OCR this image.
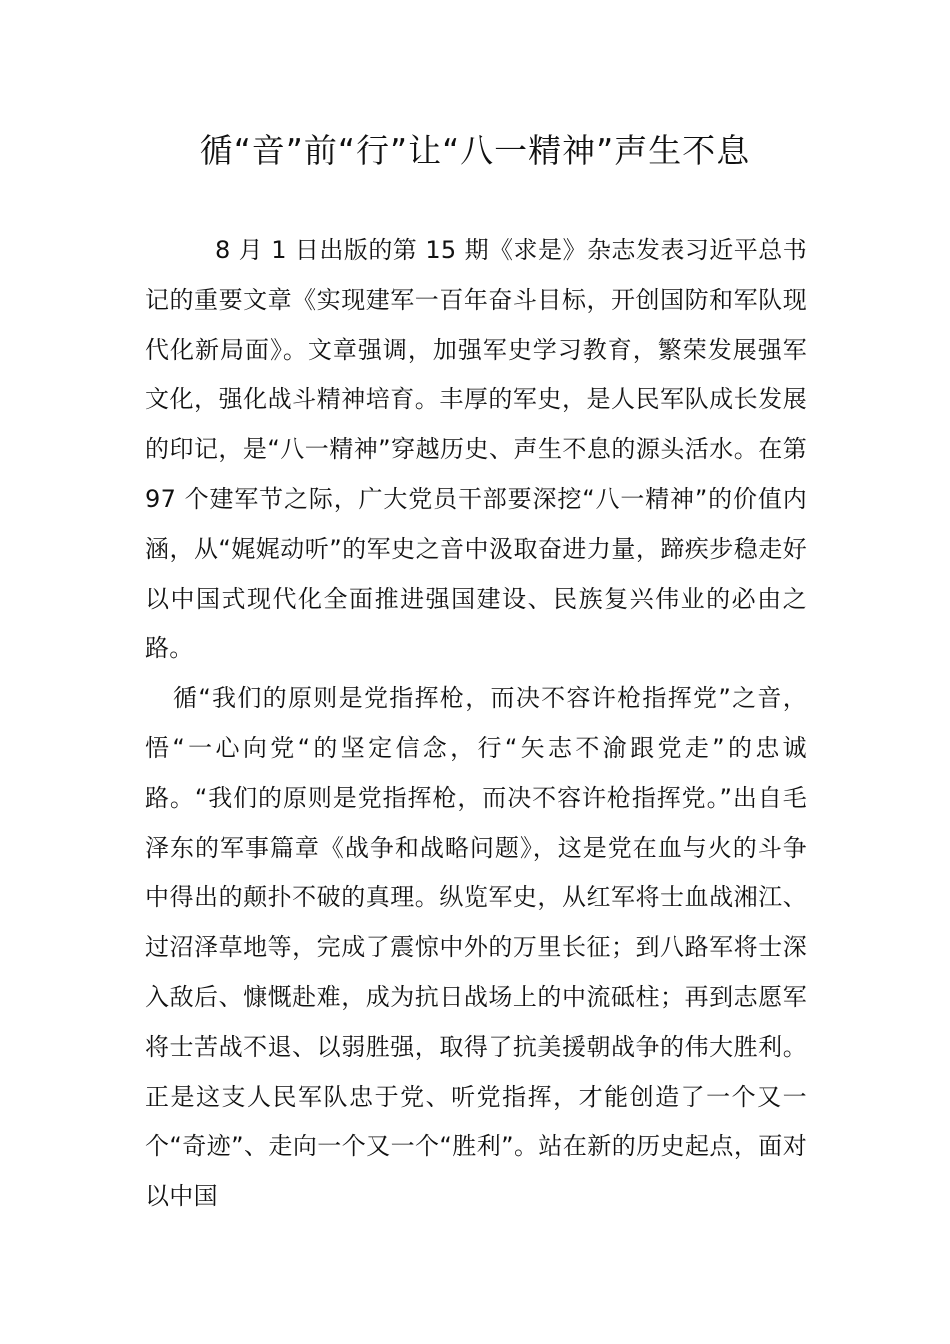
循“音”前“行”让“八一精神”声生不息

8 月 1 日出版的第 15 期《求是》杂志发表习近平总书记的重要文章《实现建军一百年奋斗目标，开创国防和军队现代化新局面》。文章强调，加强军史学习教育，繁荣发展强军文化，强化战斗精神培育。丰厚的军史，是人民军队成长发展的印记，是“八一精神”穿越历史、声生不息的源头活水。在第 97 个建军节之际，广大党员干部要深挖“八一精神”的价值内涵，从“娓娓动听”的军史之音中汲取奋进力量，蹄疾步稳走好以中国式现代化全面推进强国建设、民族复兴伟业的必由之路。

循“我们的原则是党指挥枪，而决不容许枪指挥党”之音，悟“一心向党“的坚定信念，行“矢志不渝跟党走”的忠诚路。“我们的原则是党指挥枪，而决不容许枪指挥党。”出自毛泽东的军事篇章《战争和战略问题》，这是党在血与火的斗争中得出的颠扑不破的真理。纵览军史，从红军将士血战湘江、过沼泽草地等，完成了震惊中外的万里长征；到八路军将士深入敌后、慷慨赴难，成为抗日战场上的中流砥柱；再到志愿军将士苦战不退、以弱胜强，取得了抗美援朝战争的伟大胜利。正是这支人民军队忠于党、听党指挥，才能创造了一个又一个“奇迹”、走向一个又一个“胜利”。站在新的历史起点，面对以中国
